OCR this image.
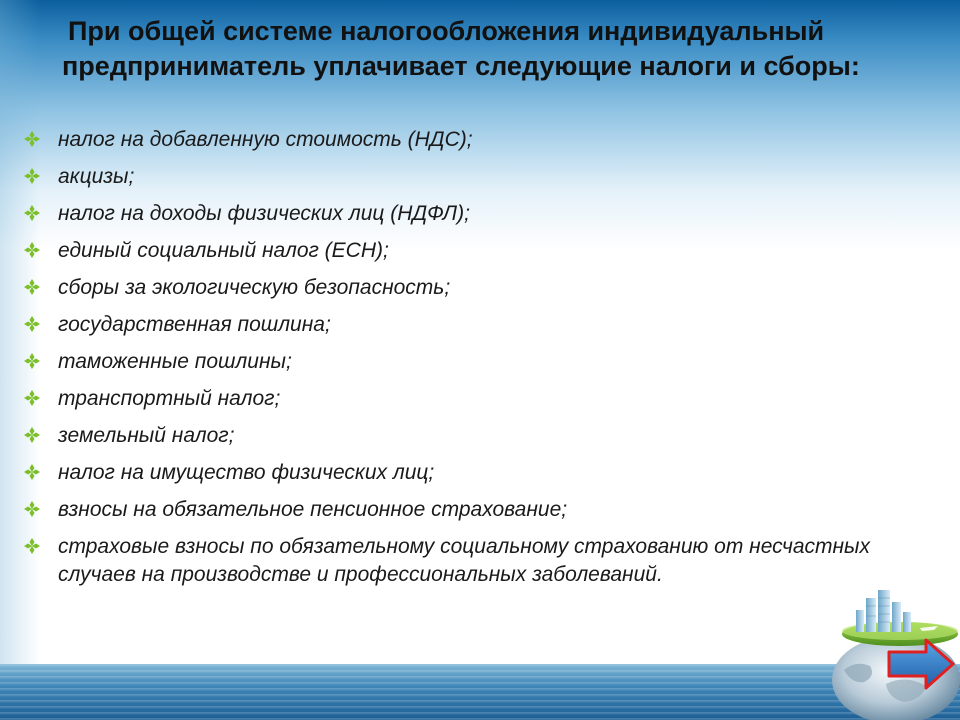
При общей системе налогообложения индивидуальный предприниматель уплачивает следующие налоги и сборы:
налог на добавленную стоимость (НДС);
акцизы;
налог на доходы физических лиц (НДФЛ);
единый социальный налог (ЕСН);
сборы за экологическую безопасность;
государственная пошлина;
таможенные пошлины;
транспортный налог;
земельный налог;
налог на имущество физических лиц;
взносы на обязательное пенсионное страхование;
страховые взносы по обязательному социальному страхованию от несчастных случаев на производстве и профессиональных заболеваний.
